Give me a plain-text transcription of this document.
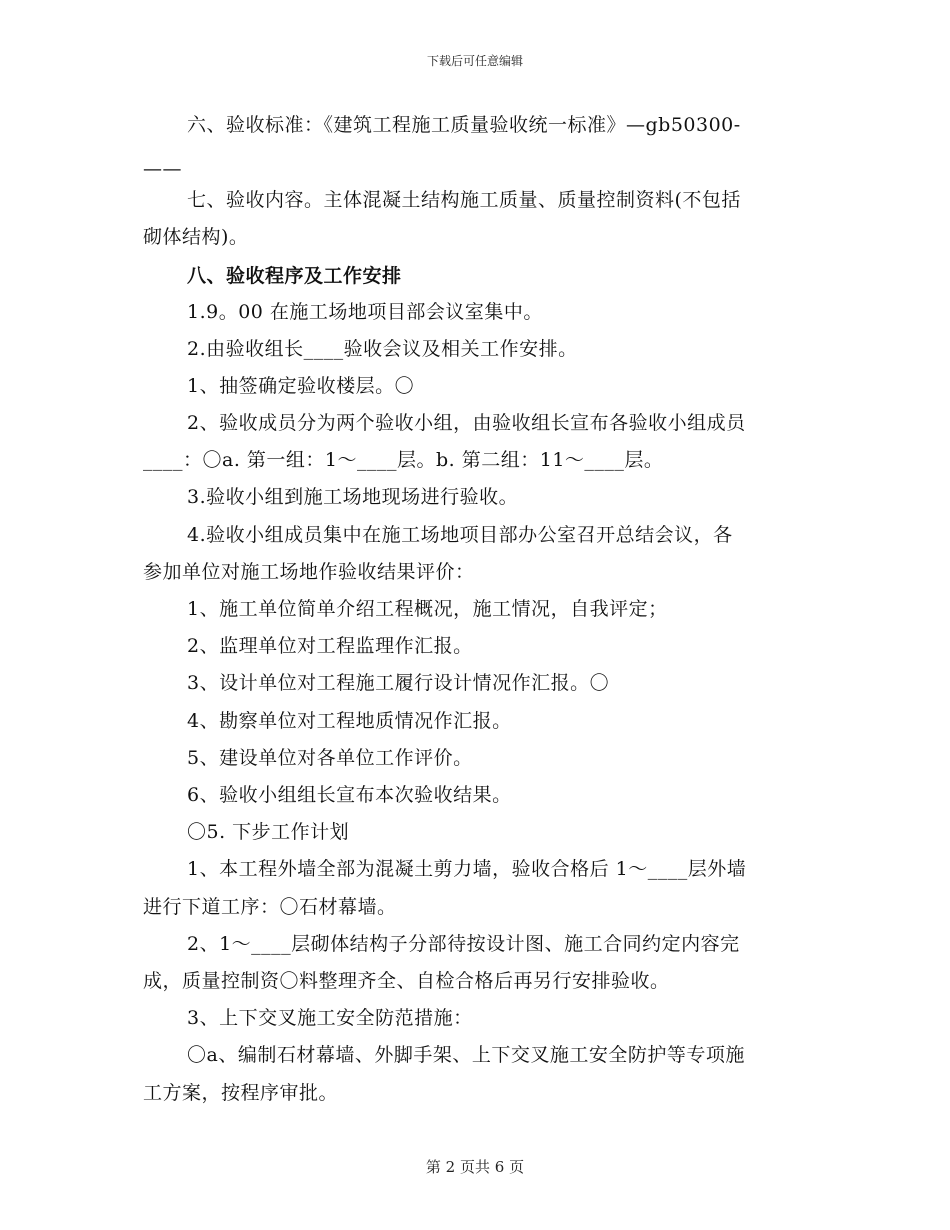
下载后可任意编辑
六、验收标准：《建筑工程施工质量验收统一标准》—gb50300-
——
七、验收内容。主体混凝土结构施工质量、质量控制资料(不包括
砌体结构)。
八、验收程序及工作安排
1.9。00 在施工场地项目部会议室集中。
2.由验收组长____验收会议及相关工作安排。
1、抽签确定验收楼层。〇
2、验收成员分为两个验收小组，由验收组长宣布各验收小组成员
____：〇a. 第一组：1～____层。b. 第二组：11～____层。
3.验收小组到施工场地现场进行验收。
4.验收小组成员集中在施工场地项目部办公室召开总结会议，各
参加单位对施工场地作验收结果评价：
1、施工单位简单介绍工程概况，施工情况，自我评定；
2、监理单位对工程监理作汇报。
3、设计单位对工程施工履行设计情况作汇报。〇
4、勘察单位对工程地质情况作汇报。
5、建设单位对各单位工作评价。
6、验收小组组长宣布本次验收结果。
〇5. 下步工作计划
1、本工程外墙全部为混凝土剪力墙，验收合格后 1～____层外墙
进行下道工序：〇石材幕墙。
2、1～____层砌体结构子分部待按设计图、施工合同约定内容完
成，质量控制资〇料整理齐全、自检合格后再另行安排验收。
3、上下交叉施工安全防范措施：
〇a、编制石材幕墙、外脚手架、上下交叉施工安全防护等专项施
工方案，按程序审批。
第 2 页共 6 页
